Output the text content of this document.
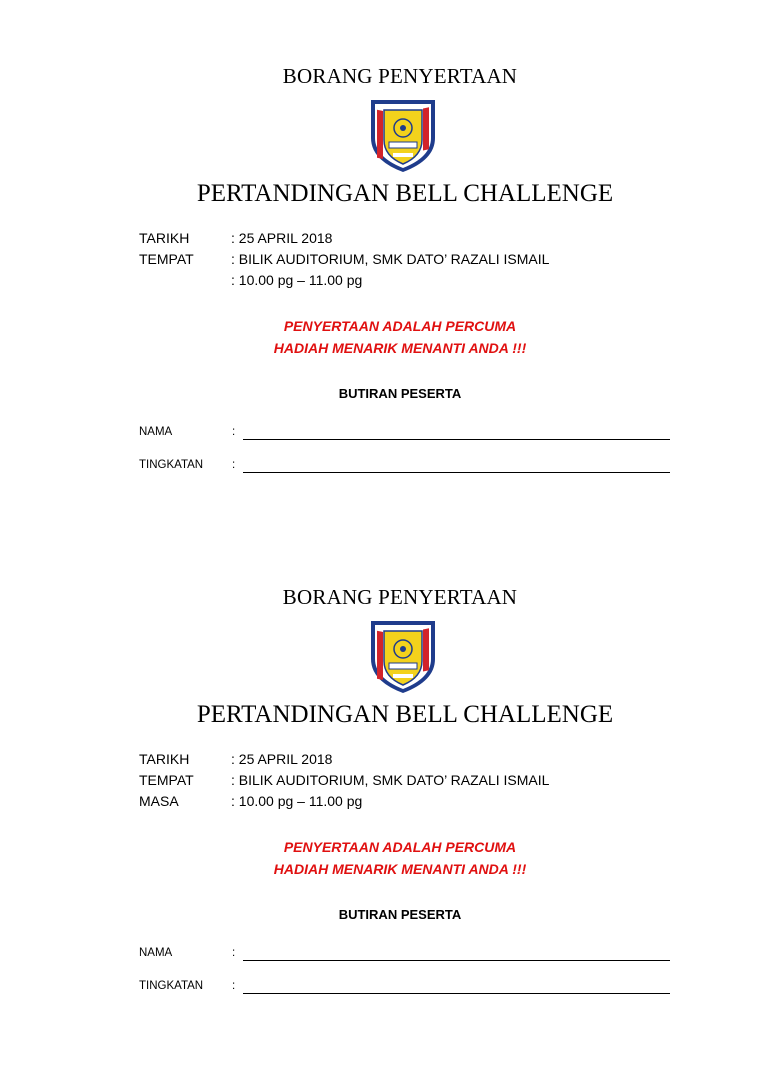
BORANG PENYERTAAN
PERTANDINGAN BELL CHALLENGE
TARIKH	: 25 APRIL 2018
TEMPAT	: BILIK AUDITORIUM, SMK DATO’ RAZALI ISMAIL
: 10.00 pg – 11.00 pg
PENYERTAAN ADALAH PERCUMA
HADIAH MENARIK MENANTI ANDA !!!
BUTIRAN PESERTA
NAMA	:
TINGKATAN	:
BORANG PENYERTAAN
PERTANDINGAN BELL CHALLENGE
TARIKH	: 25 APRIL 2018
TEMPAT	: BILIK AUDITORIUM, SMK DATO’ RAZALI ISMAIL
MASA	: 10.00 pg – 11.00 pg
PENYERTAAN ADALAH PERCUMA
HADIAH MENARIK MENANTI ANDA !!!
BUTIRAN PESERTA
NAMA	:
TINGKATAN	:
